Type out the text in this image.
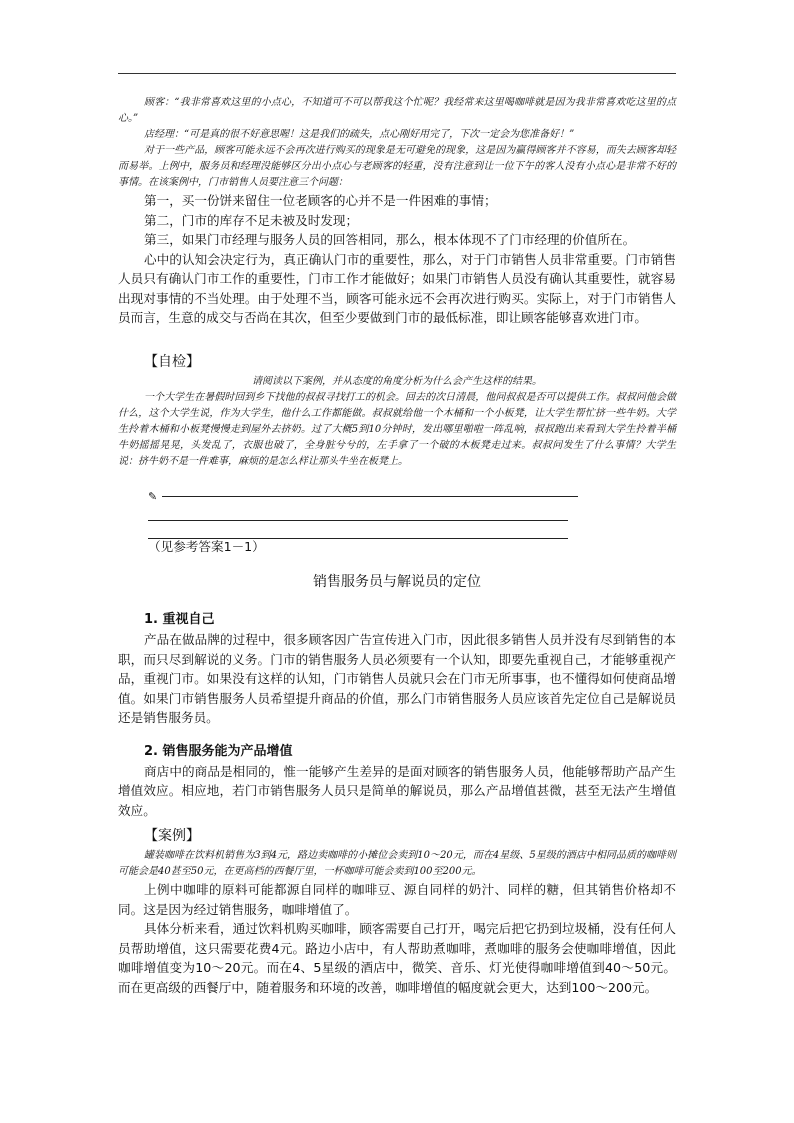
顾客：“我非常喜欢这里的小点心，不知道可不可以帮我这个忙呢？我经常来这里喝咖啡就是因为我非常喜欢吃这里的点心。”

店经理：“可是真的很不好意思喔！这是我们的疏失，点心刚好用完了，下次一定会为您准备好！”

对于一些产品，顾客可能永远不会再次进行购买的现象是无可避免的现象，这是因为赢得顾客并不容易，而失去顾客却轻而易举。上例中，服务员和经理没能够区分出小点心与老顾客的轻重，没有注意到让一位下午的客人没有小点心是非常不好的事情。在该案例中，门市销售人员要注意三个问题：

第一，买一份饼来留住一位老顾客的心并不是一件困难的事情；

第二，门市的库存不足未被及时发现；

第三，如果门市经理与服务人员的回答相同，那么，根本体现不了门市经理的价值所在。

心中的认知会决定行为，真正确认门市的重要性，那么，对于门市销售人员非常重要。门市销售人员只有确认门市工作的重要性，门市工作才能做好；如果门市销售人员没有确认其重要性，就容易出现对事情的不当处理。由于处理不当，顾客可能永远不会再次进行购买。实际上，对于门市销售人员而言，生意的成交与否尚在其次，但至少要做到门市的最低标准，即让顾客能够喜欢进门市。

【自检】

请阅读以下案例，并从态度的角度分析为什么会产生这样的结果。

一个大学生在暑假时回到乡下找他的叔叔寻找打工的机会。回去的次日清晨，他问叔叔是否可以提供工作。叔叔问他会做什么，这个大学生说，作为大学生，他什么工作都能做。叔叔就给他一个木桶和一个小板凳，让大学生帮忙挤一些牛奶。大学生拎着木桶和小板凳慢慢走到屋外去挤奶。过了大概5到10分钟时，发出哪里啪啦一阵乱响，叔叔跑出来看到大学生拎着半桶牛奶摇摇晃晃，头发乱了，衣服也破了，全身脏兮兮的，左手拿了一个破的木板凳走过来。叔叔问发生了什么事情？大学生说：挤牛奶不是一件难事，麻烦的是怎么样让那头牛坐在板凳上。

✎

（见参考答案1－1）

销售服务员与解说员的定位

1. 重视自己

产品在做品牌的过程中，很多顾客因广告宣传进入门市，因此很多销售人员并没有尽到销售的本职，而只尽到解说的义务。门市的销售服务人员必须要有一个认知，即要先重视自己，才能够重视产品，重视门市。如果没有这样的认知，门市销售人员就只会在门市无所事事，也不懂得如何使商品增值。如果门市销售服务人员希望提升商品的价值，那么门市销售服务人员应该首先定位自己是解说员还是销售服务员。

2. 销售服务能为产品增值

商店中的商品是相同的，惟一能够产生差异的是面对顾客的销售服务人员，他能够帮助产品产生增值效应。相应地，若门市销售服务人员只是简单的解说员，那么产品增值甚微，甚至无法产生增值效应。

【案例】

罐装咖啡在饮料机销售为3到4元，路边卖咖啡的小摊位会卖到10～20元，而在4星级、5星级的酒店中相同品质的咖啡则可能会是40甚至50元，在更高档的西餐厅里，一杯咖啡可能会卖到100至200元。

上例中咖啡的原料可能都源自同样的咖啡豆、源自同样的奶汁、同样的糖，但其销售价格却不同。这是因为经过销售服务，咖啡增值了。

具体分析来看，通过饮料机购买咖啡，顾客需要自己打开，喝完后把它扔到垃圾桶，没有任何人员帮助增值，这只需要花费4元。路边小店中，有人帮助煮咖啡，煮咖啡的服务会使咖啡增值，因此咖啡增值变为10～20元。而在4、5星级的酒店中，微笑、音乐、灯光使得咖啡增值到40～50元。而在更高级的西餐厅中，随着服务和环境的改善，咖啡增值的幅度就会更大，达到100～200元。
